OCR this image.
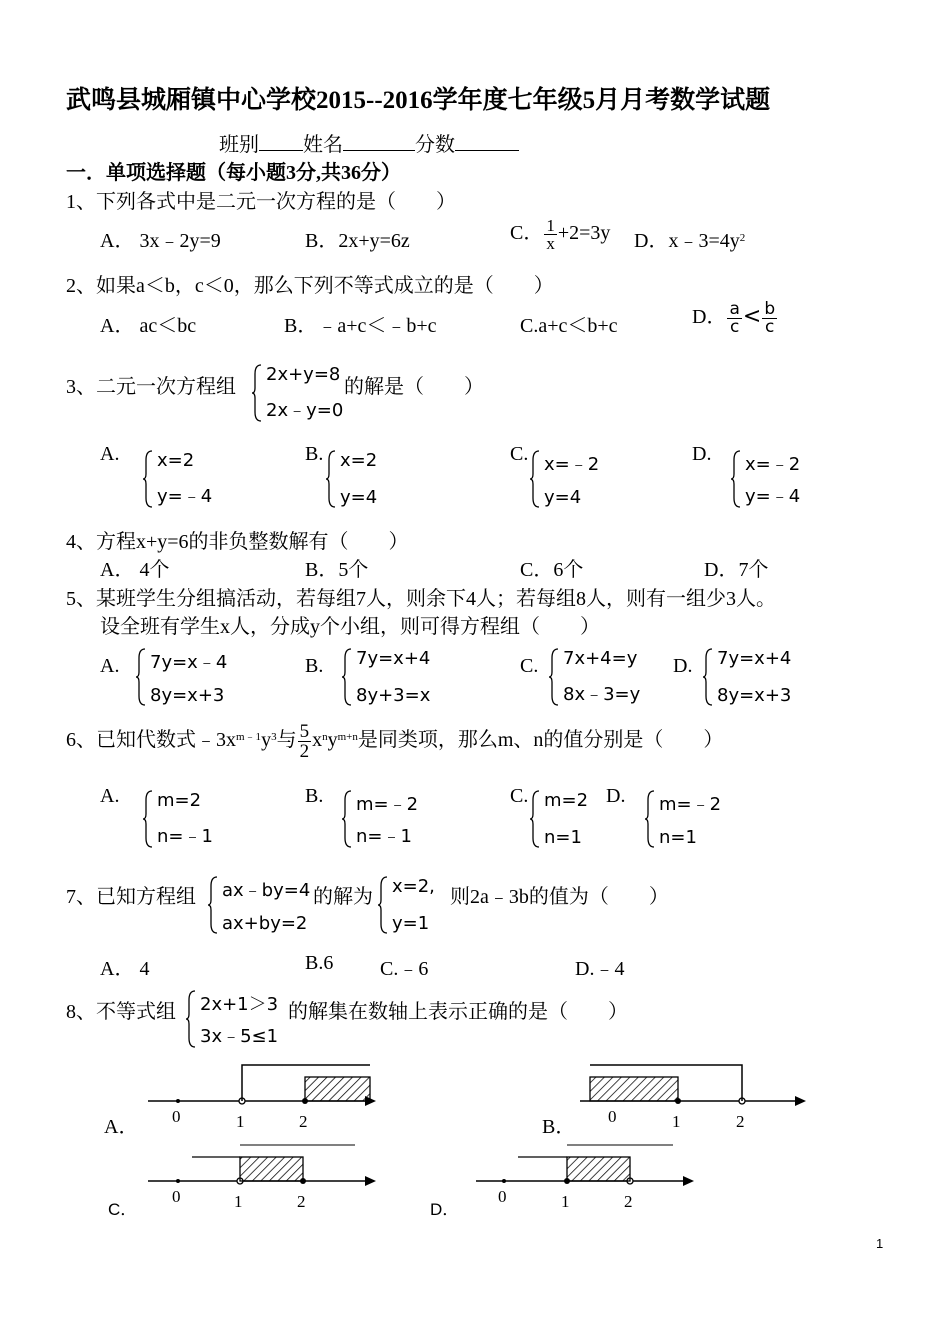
武鸣县城厢镇中心学校2015--2016学年度七年级5月月考数学试题
班别 姓名	分数
一．单项选择题（每小题3分,共36分）
1、下列各式中是二元一次方程的是（　　）
A． 3x﹣2y=9	B．2x+y=6z	C． $\frac{1}{x} +2=3y$ D．$x﹣3=4y^2$
2、如果a＜b，c＜0，那么下列不等式成立的是（　　）
A． ac＜bc	B．﹣a+c＜﹣b+c	C.a+c＜b+c	D． $\frac{a}{c} < \frac{b}{c}$
3、二元一次方程组
2x+y=8
2x﹣y=0
的解是（　　）
A. x=2
y=﹣4
B. x=2
y=4
C. x=﹣2
y=4
D. x=﹣2
y=﹣4
4、方程x+y=6的非负整数解有（　　）
A． 4个	B．5个	C．6个	D．7个
5、某班学生分组搞活动，若每组7人，则余下4人；若每组8人，则有一组少3人。
设全班有学生x人，分成y个小组，则可得方程组（　　）
A. 7y=x﹣4
8y=x+3
B. 7y=x+4
8y+3=x
C. 7x+4=y
8x﹣3=y
D. 7y=x+4
8y=x+3
6、已知代数式$﹣3x^{m﹣1}y^3$与 $\frac{5}{2} x^ny^{m+n}$是同类项，那么m、n的值分别是（　　）
A. m=2
n=﹣1
B. m=﹣2
n=﹣1
C. m=2
n=1
D. m=﹣2
n=1
7、已知方程组 ax﹣by=4
ax+by=2
的解为 x=2,
y=1
则2a﹣3b的值为（　　）
A． 4	B.6 C.﹣6	D.﹣4
8、不等式组 2x+1＞3
3x﹣5≤1
的解集在数轴上表示正确的是（　　）
A． 0	1	2	B． 0	1	2
C．
0	1	2	D．
0	1	2
1
